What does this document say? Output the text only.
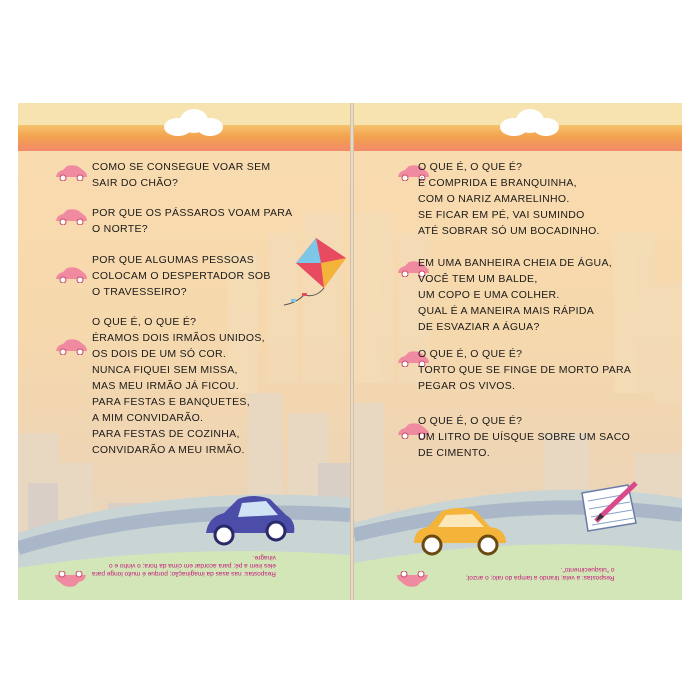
COMO SE CONSEGUE VOAR SEM
SAIR DO CHÃO?

POR QUE OS PÁSSAROS VOAM PARA
O NORTE?

POR QUE ALGUMAS PESSOAS
COLOCAM O DESPERTADOR SOB
O TRAVESSEIRO?

O QUE É, O QUE É?
ÉRAMOS DOIS IRMÃOS UNIDOS,
OS DOIS DE UM SÓ COR.
NUNCA FIQUEI SEM MISSA,
MAS MEU IRMÃO JÁ FICOU.
PARA FESTAS E BANQUETES,
A MIM CONVIDARÃO.
PARA FESTAS DE COZINHA,
CONVIDARÃO A MEU IRMÃO.

Respostas: nas asas da imaginação; porque é muito longe para
eles irem a pé; para acordar em cima da hora; o vinho e o
vinagre.

O QUE É, O QUE É?
É COMPRIDA E BRANQUINHA,
COM O NARIZ AMARELINHO.
SE FICAR EM PÉ, VAI SUMINDO
ATÉ SOBRAR SÓ UM BOCADINHO.

EM UMA BANHEIRA CHEIA DE ÁGUA,
VOCÊ TEM UM BALDE,
UM COPO E UMA COLHER.
QUAL É A MANEIRA MAIS RÁPIDA
DE ESVAZIAR A ÁGUA?

O QUE É, O QUE É?
TORTO QUE SE FINGE DE MORTO PARA
PEGAR OS VIVOS.

O QUE É, O QUE É?
UM LITRO DE UÍSQUE SOBRE UM SACO
DE CIMENTO.

Respostas: a vela; tirando a tampa do ralo; o anzol;
o "uisquecimento".
